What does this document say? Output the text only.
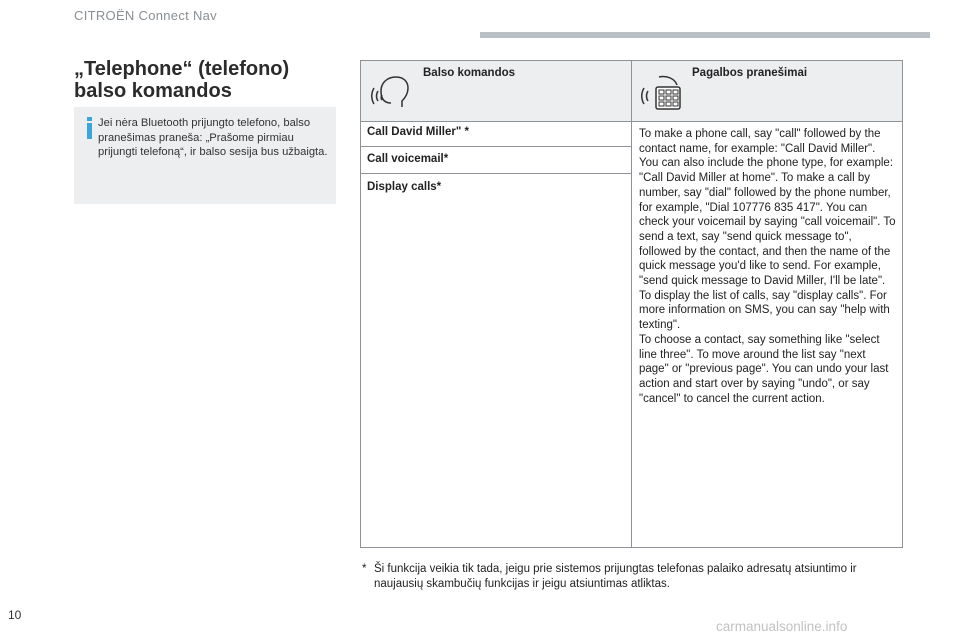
CITROËN Connect Nav
„Telephone“ (telefono)
balso komandos
Jei nėra Bluetooth prijungto telefono, balso pranešimas praneša: „Prašome pirmiau prijungti telefoną“, ir balso sesija bus užbaigta.
Balso komandos	Pagalbos pranešimai
Call David Miller" *
Call voicemail*
Display calls*
To make a phone call, say "call" followed by the contact name, for example: "Call David Miller". You can also include the phone type, for example: "Call David Miller at home". To make a call by number, say "dial" followed by the phone number, for example, "Dial 107776 835 417". You can check your voicemail by saying "call voicemail". To send a text, say "send quick message to", followed by the contact, and then the name of the quick message you'd like to send. For example, "send quick message to David Miller, I'll be late". To display the list of calls, say "display calls". For more information on SMS, you can say "help with texting".
To choose a contact, say something like "select line three". To move around the list say "next page" or "previous page". You can undo your last action and start over by saying "undo", or say "cancel" to cancel the current action.
* Ši funkcija veikia tik tada, jeigu prie sistemos prijungtas telefonas palaiko adresatų atsiuntimo ir naujausių skambučių funkcijas ir jeigu atsiuntimas atliktas.
10
carmanualsonline.info
